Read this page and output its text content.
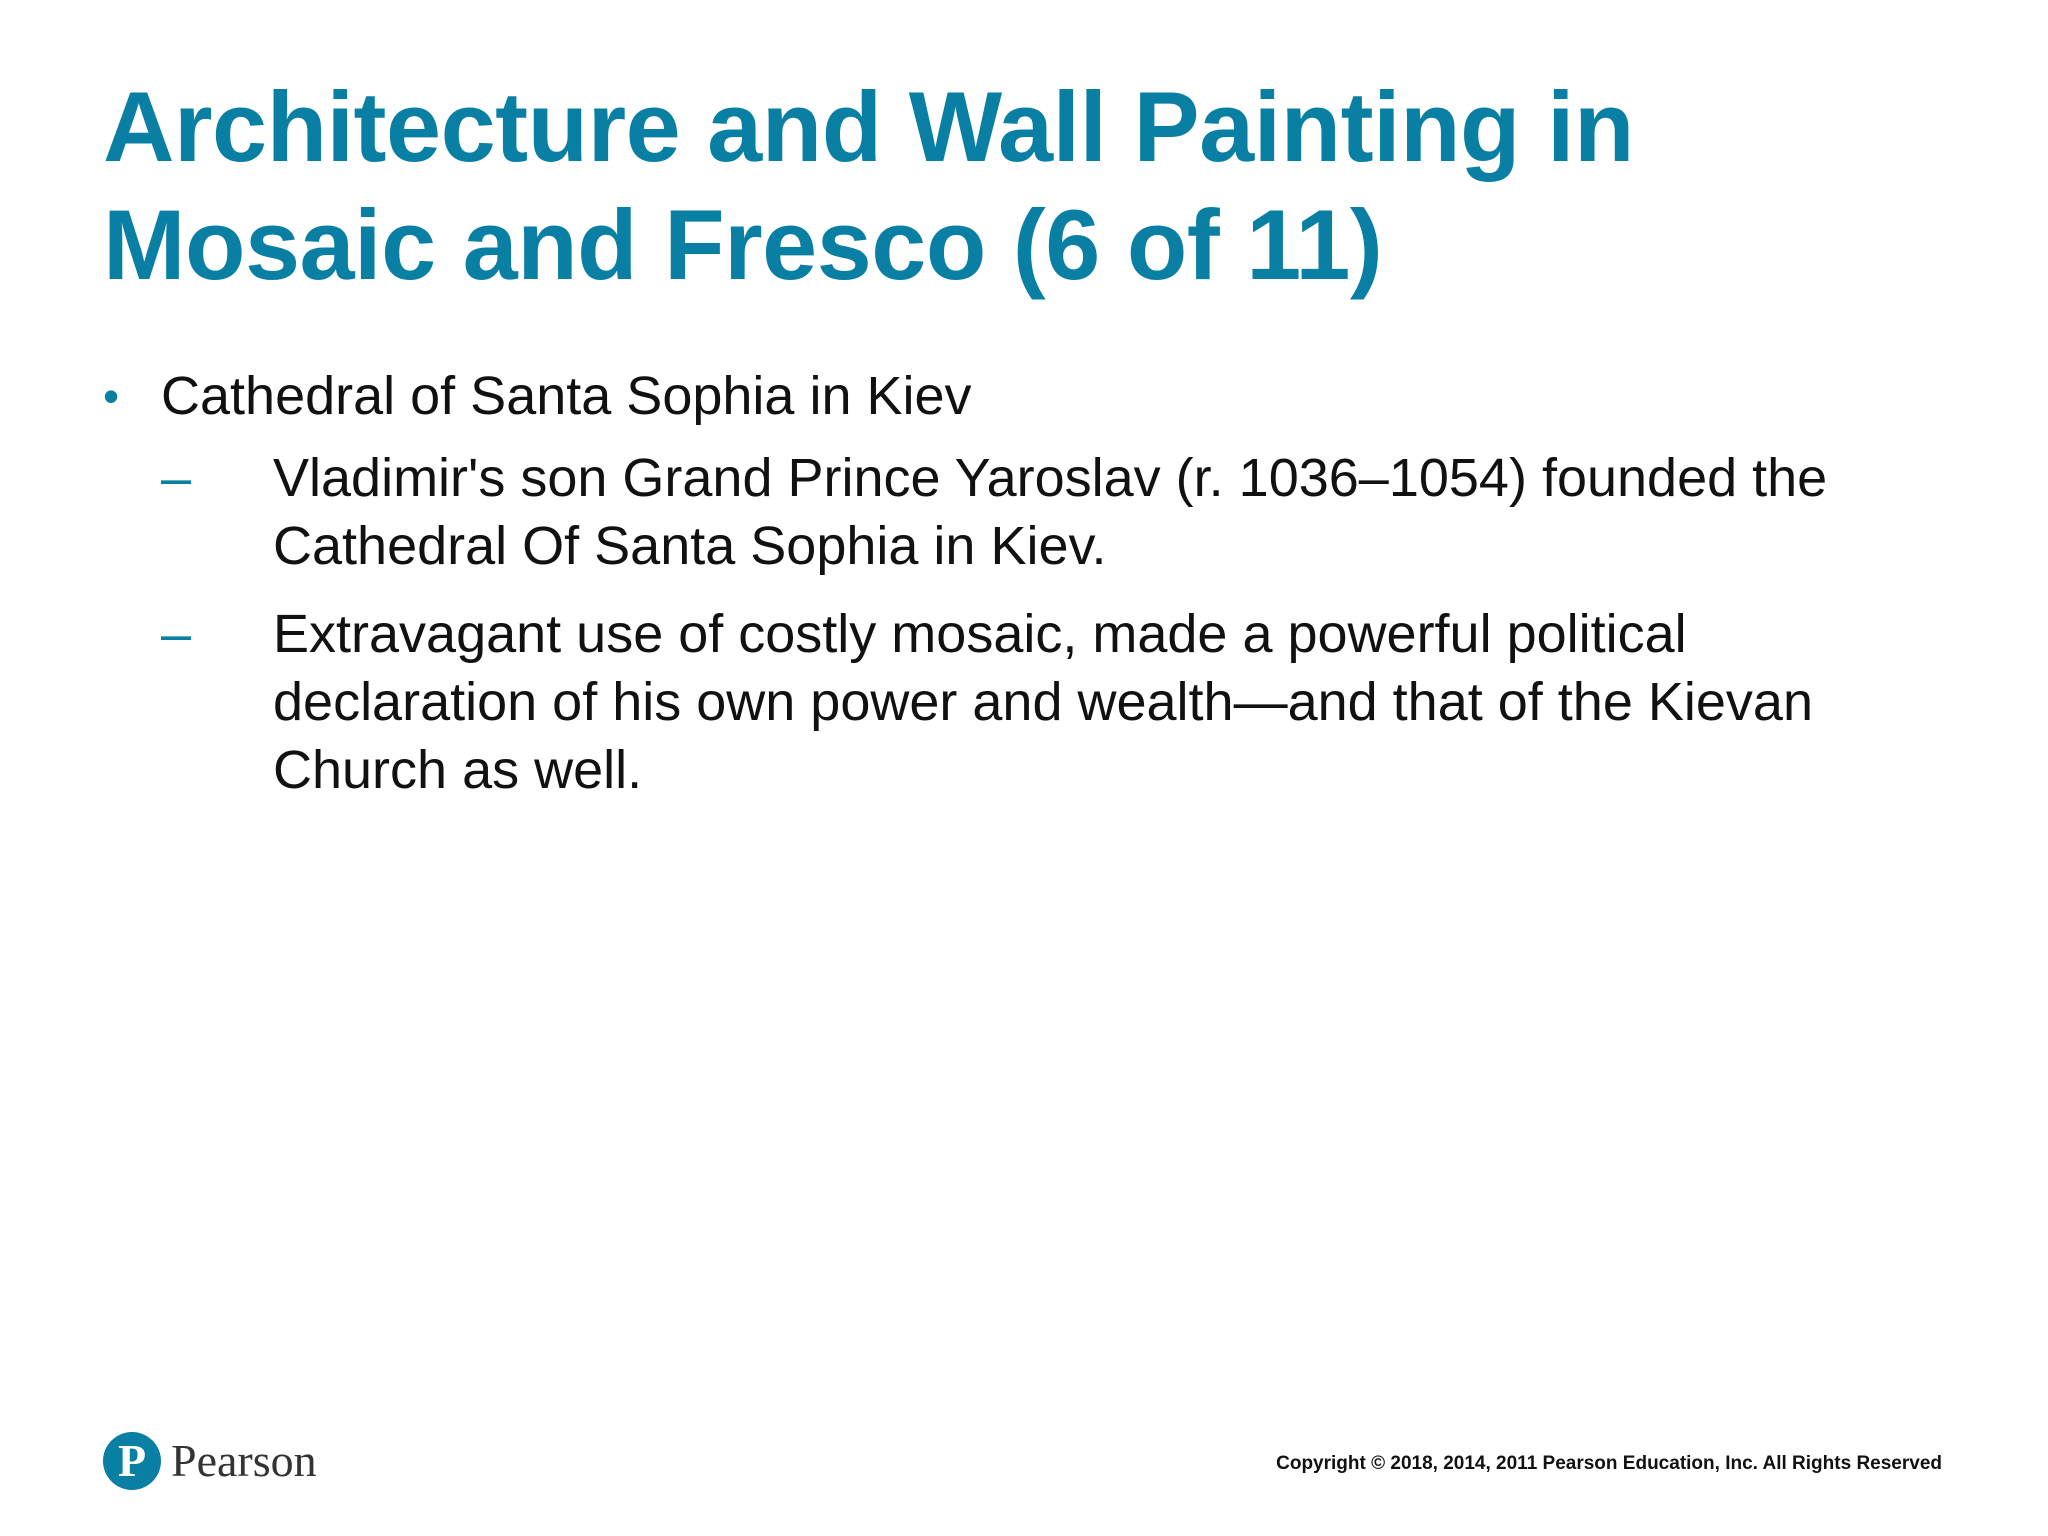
Architecture and Wall Painting in
Mosaic and Fresco (6 of 11)
• Cathedral of Santa Sophia in Kiev
– Vladimir's son Grand Prince Yaroslav (r. 1036–1054) founded the
Cathedral Of Santa Sophia in Kiev.
– Extravagant use of costly mosaic, made a powerful political
declaration of his own power and wealth—and that of the Kievan
Church as well.
P Pearson	Copyright © 2018, 2014, 2011 Pearson Education, Inc. All Rights Reserved
